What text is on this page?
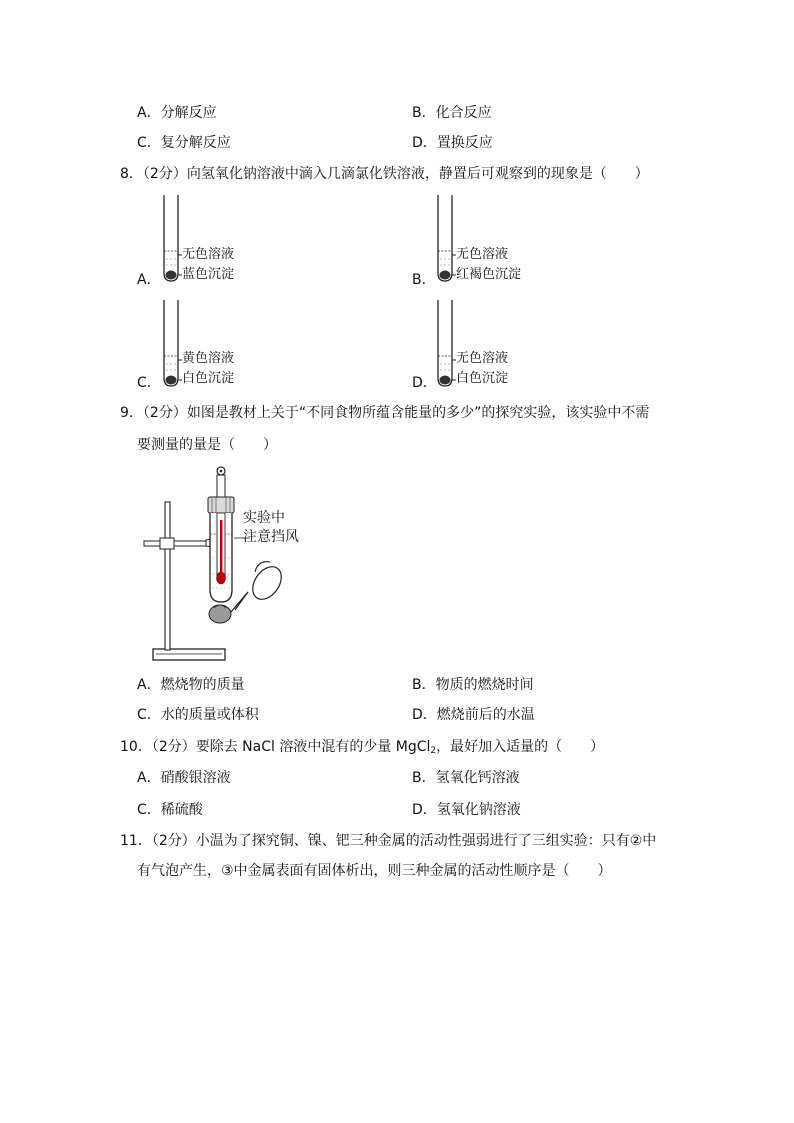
A．分解反应	B．化合反应
C．复分解反应	D．置换反应
8．（2分）向氢氧化钠溶液中滴入几滴氯化铁溶液，静置后可观察到的现象是（　　）
A．
无色溶液
蓝色沉淀	B．
无色溶液
红褐色沉淀
C．
黄色溶液
白色沉淀	D．
无色溶液
白色沉淀
9．（2分）如图是教材上关于“不同食物所蕴含能量的多少”的探究实验，该实验中不需
要测量的量是（　　）
实验中
注意挡风
A．燃烧物的质量	B．物质的燃烧时间
C．水的质量或体积	D．燃烧前后的水温
10．（2分）要除去 NaCl 溶液中混有的少量 MgCl$_2$，最好加入适量的（　　）
A．硝酸银溶液	B．氢氧化钙溶液
C．稀硫酸	D．氢氧化钠溶液
11．（2分）小温为了探究铜、镍、钯三种金属的活动性强弱进行了三组实验：只有②中
有气泡产生，③中金属表面有固体析出，则三种金属的活动性顺序是（　　）
